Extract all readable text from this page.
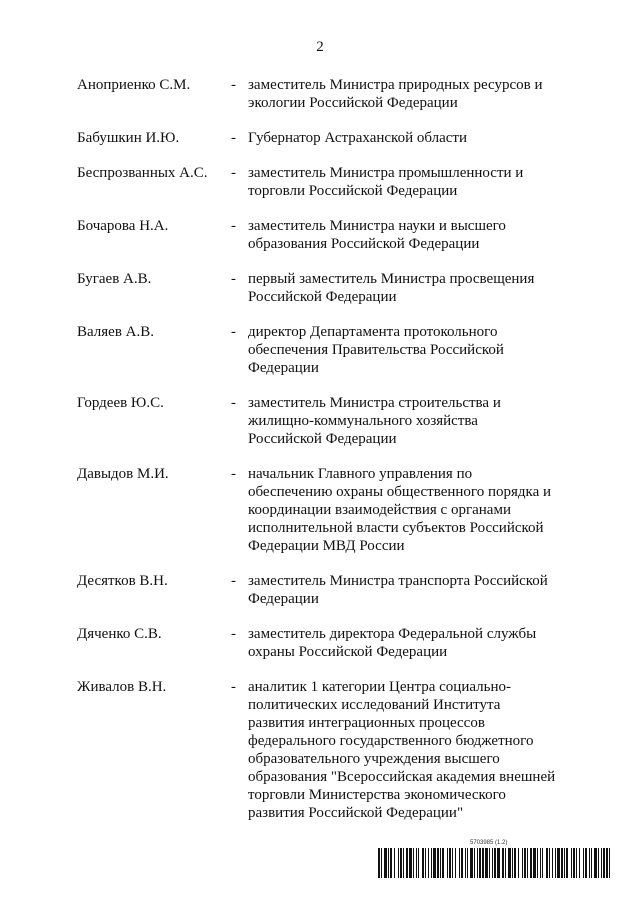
2
Аноприенко С.М.	- заместитель Министра природных ресурсов и
экологии Российской Федерации
Бабушкин И.Ю.	- Губернатор Астраханской области
Беспрозванных А.С.	- заместитель Министра промышленности и
торговли Российской Федерации
Бочарова Н.А.	- заместитель Министра науки и высшего
образования Российской Федерации
Бугаев А.В.	- первый заместитель Министра просвещения
Российской Федерации
Валяев А.В.	- директор Департамента протокольного
обеспечения Правительства Российской
Федерации
Гордеев Ю.С.	- заместитель Министра строительства и
жилищно-коммунального хозяйства
Российской Федерации
Давыдов М.И.	- начальник Главного управления по
обеспечению охраны общественного порядка и
координации взаимодействия с органами
исполнительной власти субъектов Российской
Федерации МВД России
Десятков В.Н.	- заместитель Министра транспорта Российской
Федерации
Дяченко С.В.	- заместитель директора Федеральной службы
охраны Российской Федерации
Живалов В.Н.	- аналитик 1 категории Центра социально-
политических исследований Института
развития интеграционных процессов
федерального государственного бюджетного
образовательного учреждения высшего
образования "Всероссийская академия внешней
торговли Министерства экономического
развития Российской Федерации"
5703985 (1.2)
